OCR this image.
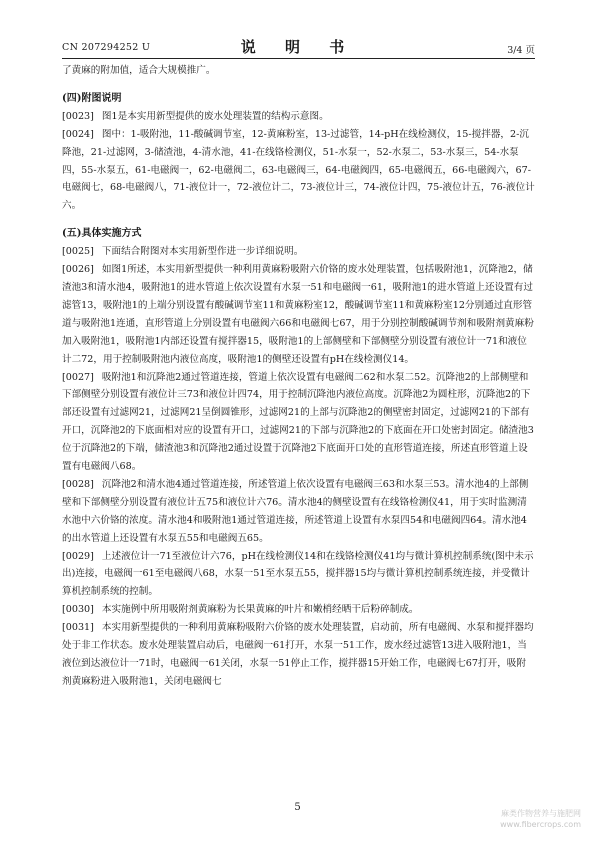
CN 207294252 U	说 明 书	3/4 页

了黄麻的附加值，适合大规模推广。

(四)附图说明

[0023] 图1是本实用新型提供的废水处理装置的结构示意图。

[0024] 图中：1-吸附池，11-酸碱调节室，12-黄麻粉室，13-过滤管，14-pH在线检测仪，15-搅拌器，2-沉降池，21-过滤网，3-储渣池，4-清水池，41-在线铬检测仪，51-水泵一，52-水泵二，53-水泵三，54-水泵四，55-水泵五，61-电磁阀一，62-电磁阀二，63-电磁阀三，64-电磁阀四，65-电磁阀五，66-电磁阀六，67-电磁阀七，68-电磁阀八，71-液位计一，72-液位计二，73-液位计三，74-液位计四，75-液位计五，76-液位计六。

(五)具体实施方式

[0025] 下面结合附图对本实用新型作进一步详细说明。

[0026] 如图1所述，本实用新型提供一种利用黄麻粉吸附六价铬的废水处理装置，包括吸附池1，沉降池2，储渣池3和清水池4，吸附池1的进水管道上依次设置有水泵一51和电磁阀一61，吸附池1的进水管道上还设置有过滤管13，吸附池1的上端分别设置有酸碱调节室11和黄麻粉室12，酸碱调节室11和黄麻粉室12分别通过直形管道与吸附池1连通，直形管道上分别设置有电磁阀六66和电磁阀七67，用于分别控制酸碱调节剂和吸附剂黄麻粉加入吸附池1，吸附池1内部还设置有搅拌器15，吸附池1的上部侧壁和下部侧壁分别设置有液位计一71和液位计二72，用于控制吸附池内液位高度，吸附池1的侧壁还设置有pH在线检测仪14。

[0027] 吸附池1和沉降池2通过管道连接，管道上依次设置有电磁阀二62和水泵二52。沉降池2的上部侧壁和下部侧壁分别设置有液位计三73和液位计四74，用于控制沉降池内液位高度。沉降池2为圆柱形，沉降池2的下部还设置有过滤网21，过滤网21呈倒圆锥形，过滤网21的上部与沉降池2的侧壁密封固定，过滤网21的下部有开口，沉降池2的下底面相对应的设置有开口，过滤网21的下部与沉降池2的下底面在开口处密封固定。储渣池3位于沉降池2的下端，储渣池3和沉降池2通过设置于沉降池2下底面开口处的直形管道连接，所述直形管道上设置有电磁阀八68。

[0028] 沉降池2和清水池4通过管道连接，所述管道上依次设置有电磁阀三63和水泵三53。清水池4的上部侧壁和下部侧壁分别设置有液位计五75和液位计六76。清水池4的侧壁设置有在线铬检测仪41，用于实时监测清水池中六价铬的浓度。清水池4和吸附池1通过管道连接，所述管道上设置有水泵四54和电磁阀四64。清水池4的出水管道上还设置有水泵五55和电磁阀五65。

[0029] 上述液位计一71至液位计六76，pH在线检测仪14和在线铬检测仪41均与微计算机控制系统(图中未示出)连接，电磁阀一61至电磁阀八68，水泵一51至水泵五55，搅拌器15均与微计算机控制系统连接，并受微计算机控制系统的控制。

[0030] 本实施例中所用吸附剂黄麻粉为长果黄麻的叶片和嫩梢经晒干后粉碎制成。

[0031] 本实用新型提供的一种利用黄麻粉吸附六价铬的废水处理装置，启动前，所有电磁阀、水泵和搅拌器均处于非工作状态。废水处理装置启动后，电磁阀一61打开，水泵一51工作，废水经过滤管13进入吸附池1，当液位到达液位计一71时，电磁阀一61关闭，水泵一51停止工作，搅拌器15开始工作，电磁阀七67打开，吸附剂黄麻粉进入吸附池1，关闭电磁阀七

5
麻类作物营养与施肥网
www.fibercrops.com
